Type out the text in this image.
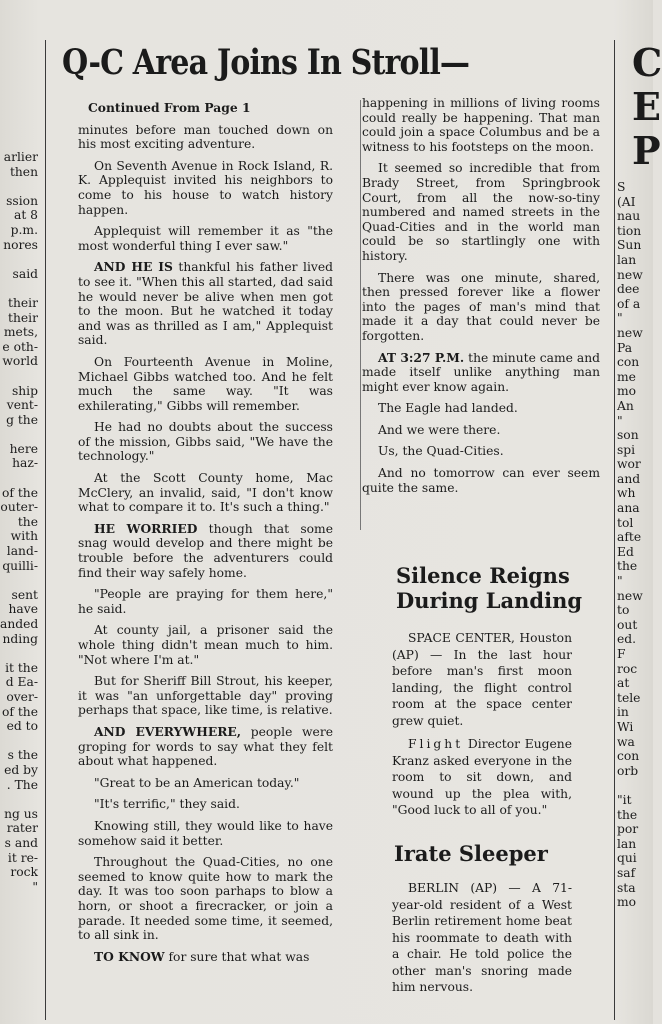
arlier
then
ssion
at 8
p.m.
nores
said
their
their
mets,
e oth-
world
ship
vent-
g the
here
haz-
of the
outer-
the
with
land-
quilli-
sent
have
anded
nding
it the
d Ea-
over-
of the
ed to
s the
ed by
. The
ng us
rater
s and
it re-
rock
"
Q-C Area Joins In Stroll—	C
E
P
S
(AI
nau
tion
Sun
lan
new
dee
of a
"
new
Pa
con
me
mo
An
"
son
spi
wor
and
wh
ana
tol
afte
Ed
the
"
new
to
out
ed.
F
roc
at
tele
in
Wi
wa
con
orb
"it
the
por
lan
qui
saf
sta
mo

Continued From Page 1

minutes before man touched down on his most exciting adventure.

On Seventh Avenue in Rock Island, R. K. Applequist invited his neighbors to come to his house to watch history happen.

Applequist will remember it as "the most wonderful thing I ever saw."

AND HE IS thankful his father lived to see it. "When this all started, dad said he would never be alive when men got to the moon. But he watched it today and was as thrilled as I am," Applequist said.

On Fourteenth Avenue in Moline, Michael Gibbs watched too. And he felt much the same way. "It was exhilerating," Gibbs will remember.

He had no doubts about the success of the mission, Gibbs said, "We have the technology."

At the Scott County home, Mac McClery, an invalid, said, "I don't know what to compare it to. It's such a thing."

HE WORRIED though that some snag would develop and there might be trouble before the adventurers could find their way safely home.

"People are praying for them here," he said.

At county jail, a prisoner said the whole thing didn't mean much to him. "Not where I'm at."

But for Sheriff Bill Strout, his keeper, it was "an unforgettable day" proving perhaps that space, like time, is relative.

AND EVERYWHERE, people were groping for words to say what they felt about what happened.

"Great to be an American today."

"It's terrific," they said.

Knowing still, they would like to have somehow said it better.

Throughout the Quad-Cities, no one seemed to know quite how to mark the day. It was too soon parhaps to blow a horn, or shoot a firecracker, or join a parade. It needed some time, it seemed, to all sink in.

TO KNOW for sure that what was

happening in millions of living rooms could really be happening. That man could join a space Columbus and be a witness to his footsteps on the moon.

It seemed so incredible that from Brady Street, from Springbrook Court, from all the now-so-tiny numbered and named streets in the Quad-Cities and in the world man could be so startlingly one with history.

There was one minute, shared, then pressed forever like a flower into the pages of man's mind that made it a day that could never be forgotten.

AT 3:27 P.M. the minute came and made itself unlike anything man might ever know again.

The Eagle had landed.

And we were there.

Us, the Quad-Cities.

And no tomorrow can ever seem quite the same.

Silence Reigns
During Landing

SPACE CENTER, Houston (AP) — In the last hour before man's first moon landing, the flight control room at the space center grew quiet.

Flight Director Eugene Kranz asked everyone in the room to sit down, and wound up the plea with, "Good luck to all of you."

Irate Sleeper

BERLIN (AP) — A 71-year-old resident of a West Berlin retirement home beat his roommate to death with a chair. He told police the other man's snoring made him nervous.
